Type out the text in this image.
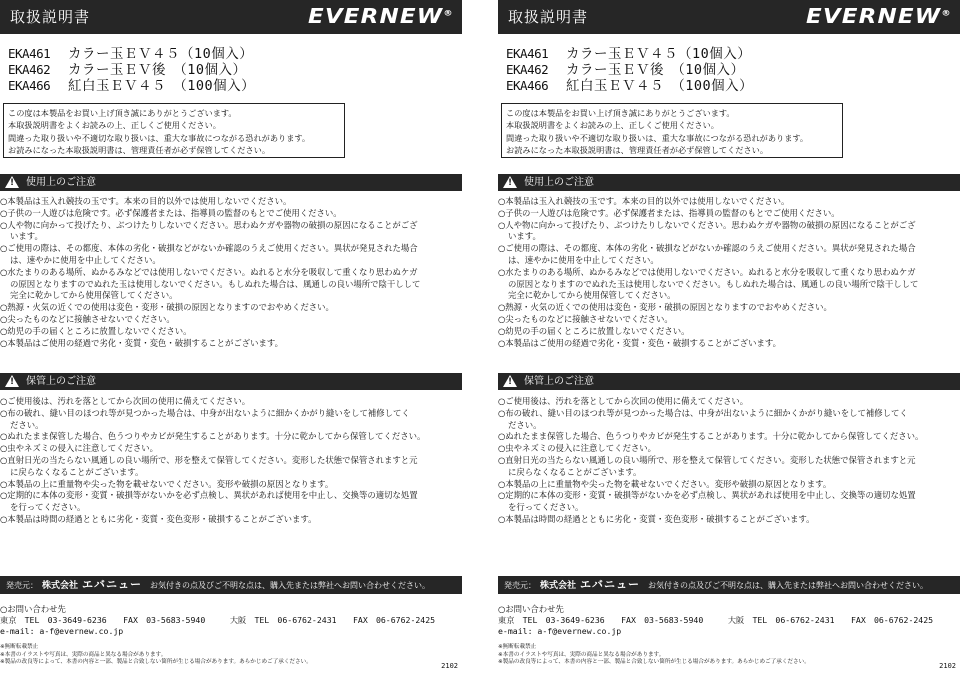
取扱説明書	EVERNEW®
EKA461	カラー玉ＥＶ４５（10個入）
EKA462	カラー玉ＥＶ後　（10個入）
EKA466	紅白玉ＥＶ４５　（100個入）
この度は本製品をお買い上げ頂き誠にありがとうございます。
本取扱説明書をよくお読みの上、正しくご使用ください。
間違った取り扱いや不適切な取り扱いは、重大な事故につながる恐れがあります。
お読みになった本取扱説明書は、管理責任者が必ず保管してください。
!
使用上のご注意
○本製品は玉入れ競技の玉です。本来の目的以外では使用しないでください。
○子供の一人遊びは危険です。必ず保護者または、指導員の監督のもとでご使用ください。
○人や物に向かって投げたり、ぶつけたりしないでください。思わぬケガや器物の破損の原因になることがござ
います。
○ご使用の際は、その都度、本体の劣化・破損などがないか確認のうえご使用ください。異状が発見された場合
は、速やかに使用を中止してください。
○水たまりのある場所、ぬかるみなどでは使用しないでください。ぬれると水分を吸収して重くなり思わぬケガ
の原因となりますのでぬれた玉は使用しないでください。もしぬれた場合は、風通しの良い場所で陰干しして
完全に乾かしてから使用保管してください。
○熱源・火気の近くでの使用は変色・変形・破損の原因となりますのでおやめください。
○尖ったものなどに接触させないでください。
○幼児の手の届くところに放置しないでください。
○本製品はご使用の経過で劣化・変質・変色・破損することがございます。
!
保管上のご注意
○ご使用後は、汚れを落としてから次回の使用に備えてください。
○布の破れ、縫い目のほつれ等が見つかった場合は、中身が出ないように細かくかがり縫いをして補修してく
ださい。
○ぬれたまま保管した場合、色うつりやカビが発生することがあります。十分に乾かしてから保管してください。
○虫やネズミの侵入に注意してください。
○直射日光の当たらない風通しの良い場所で、形を整えて保管してください。変形した状態で保管されますと元
に戻らなくなることがございます。
○本製品の上に重量物や尖った物を載せないでください。変形や破損の原因となります。
○定期的に本体の変形・変質・破損等がないかを必ず点検し、異状があれば使用を中止し、交換等の適切な処置
を行ってください。
○本製品は時間の経過とともに劣化・変質・変色変形・破損することがございます。
発売元： 株式会社 エバニュー お気付きの点及びご不明な点は、購入先または弊社へお問い合わせください。
○お問い合わせ先
東京　 TEL　03-3649-6236　　 FAX　03-5683-5940　　　	大阪　 TEL　06-6762-2431　　 FAX　06-6762-2425
e-mail: a-f@evernew.co.jp
※無断転載禁止
※本書のイラストや写真は、実際の商品と異なる場合があります。
※製品の改良等によって、本書の内容と一部、製品と合致しない箇所が生じる場合があります。あらかじめご了承ください。	2102
取扱説明書	EVERNEW®
EKA461	カラー玉ＥＶ４５（10個入）
EKA462	カラー玉ＥＶ後　（10個入）
EKA466	紅白玉ＥＶ４５　（100個入）
この度は本製品をお買い上げ頂き誠にありがとうございます。
本取扱説明書をよくお読みの上、正しくご使用ください。
間違った取り扱いや不適切な取り扱いは、重大な事故につながる恐れがあります。
お読みになった本取扱説明書は、管理責任者が必ず保管してください。
!
使用上のご注意
○本製品は玉入れ競技の玉です。本来の目的以外では使用しないでください。
○子供の一人遊びは危険です。必ず保護者または、指導員の監督のもとでご使用ください。
○人や物に向かって投げたり、ぶつけたりしないでください。思わぬケガや器物の破損の原因になることがござ
います。
○ご使用の際は、その都度、本体の劣化・破損などがないか確認のうえご使用ください。異状が発見された場合
は、速やかに使用を中止してください。
○水たまりのある場所、ぬかるみなどでは使用しないでください。ぬれると水分を吸収して重くなり思わぬケガ
の原因となりますのでぬれた玉は使用しないでください。もしぬれた場合は、風通しの良い場所で陰干しして
完全に乾かしてから使用保管してください。
○熱源・火気の近くでの使用は変色・変形・破損の原因となりますのでおやめください。
○尖ったものなどに接触させないでください。
○幼児の手の届くところに放置しないでください。
○本製品はご使用の経過で劣化・変質・変色・破損することがございます。
!
保管上のご注意
○ご使用後は、汚れを落としてから次回の使用に備えてください。
○布の破れ、縫い目のほつれ等が見つかった場合は、中身が出ないように細かくかがり縫いをして補修してく
ださい。
○ぬれたまま保管した場合、色うつりやカビが発生することがあります。十分に乾かしてから保管してください。
○虫やネズミの侵入に注意してください。
○直射日光の当たらない風通しの良い場所で、形を整えて保管してください。変形した状態で保管されますと元
に戻らなくなることがございます。
○本製品の上に重量物や尖った物を載せないでください。変形や破損の原因となります。
○定期的に本体の変形・変質・破損等がないかを必ず点検し、異状があれば使用を中止し、交換等の適切な処置
を行ってください。
○本製品は時間の経過とともに劣化・変質・変色変形・破損することがございます。
発売元： 株式会社 エバニュー お気付きの点及びご不明な点は、購入先または弊社へお問い合わせください。
○お問い合わせ先
東京　 TEL　03-3649-6236　　 FAX　03-5683-5940　　　	大阪　 TEL　06-6762-2431　　 FAX　06-6762-2425
e-mail: a-f@evernew.co.jp
※無断転載禁止
※本書のイラストや写真は、実際の商品と異なる場合があります。
※製品の改良等によって、本書の内容と一部、製品と合致しない箇所が生じる場合があります。あらかじめご了承ください。	2102
